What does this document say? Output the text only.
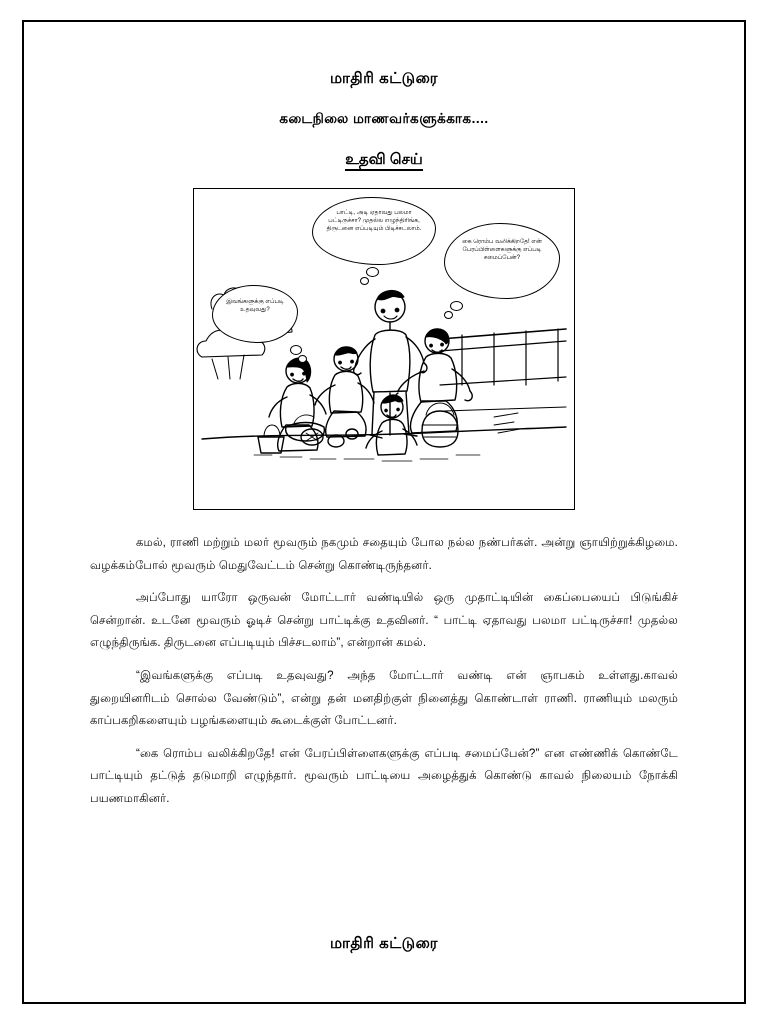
மாதிரி கட்டுரை
கடைநிலை மாணவர்களுக்காக....
உதவி செய்
பாட்டி, அடி ஏதாவது பலமா பட்டிருச்சா? முதல்ல எழுந்திரிங்க, திருடனை எப்படியும் பிடிச்சடலாம்.
கை ரொம்ப வலிக்கிறதே! என் பேரப்பிள்ளைகளுக்கு எப்படி சமைப்பேன்?
இவங்களுக்கு எப்படி உதவுவது?

கமல், ராணி மற்றும் மலர் மூவரும் நகமும் சதையும் போல நல்ல நண்பர்கள். அன்று ஞாயிற்றுக்கிழமை. வழக்கம்போல் மூவரும் மெதுவேட்டம் சென்று கொண்டிருந்தனர்.

அப்போது யாரோ ஒருவன் மோட்டார் வண்டியில் ஒரு முதாட்டியின் கைப்பையைப் பிடுங்கிச் சென்றான். உடனே மூவரும் ஓடிச் சென்று பாட்டிக்கு உதவினர். “ பாட்டி ஏதாவது பலமா பட்டிருச்சா! முதல்ல எழுந்திருங்க. திருடனை எப்படியும் பிச்சடலாம்”, என்றான் கமல்.

“இவங்களுக்கு எப்படி உதவுவது? அந்த மோட்டார் வண்டி என் ஞாபகம் உள்ளது.காவல் துறையினரிடம் சொல்ல வேண்டும்”, என்று தன் மனதிற்குள் நினைத்து கொண்டாள் ராணி. ராணியும் மலரும் காப்பகறிகளையும் பழங்களையும் கூடைக்குள் போட்டனர்.

“கை ரொம்ப வலிக்கிறதே! என் பேரப்பிள்ளைகளுக்கு எப்படி சமைப்பேன்?” என எண்ணிக் கொண்டே பாட்டியும் தட்டுத் தடுமாறி எழுந்தார். மூவரும் பாட்டியை அழைத்துக் கொண்டு காவல் நிலையம் நோக்கி பயணமாகினர்.

மாதிரி கட்டுரை
